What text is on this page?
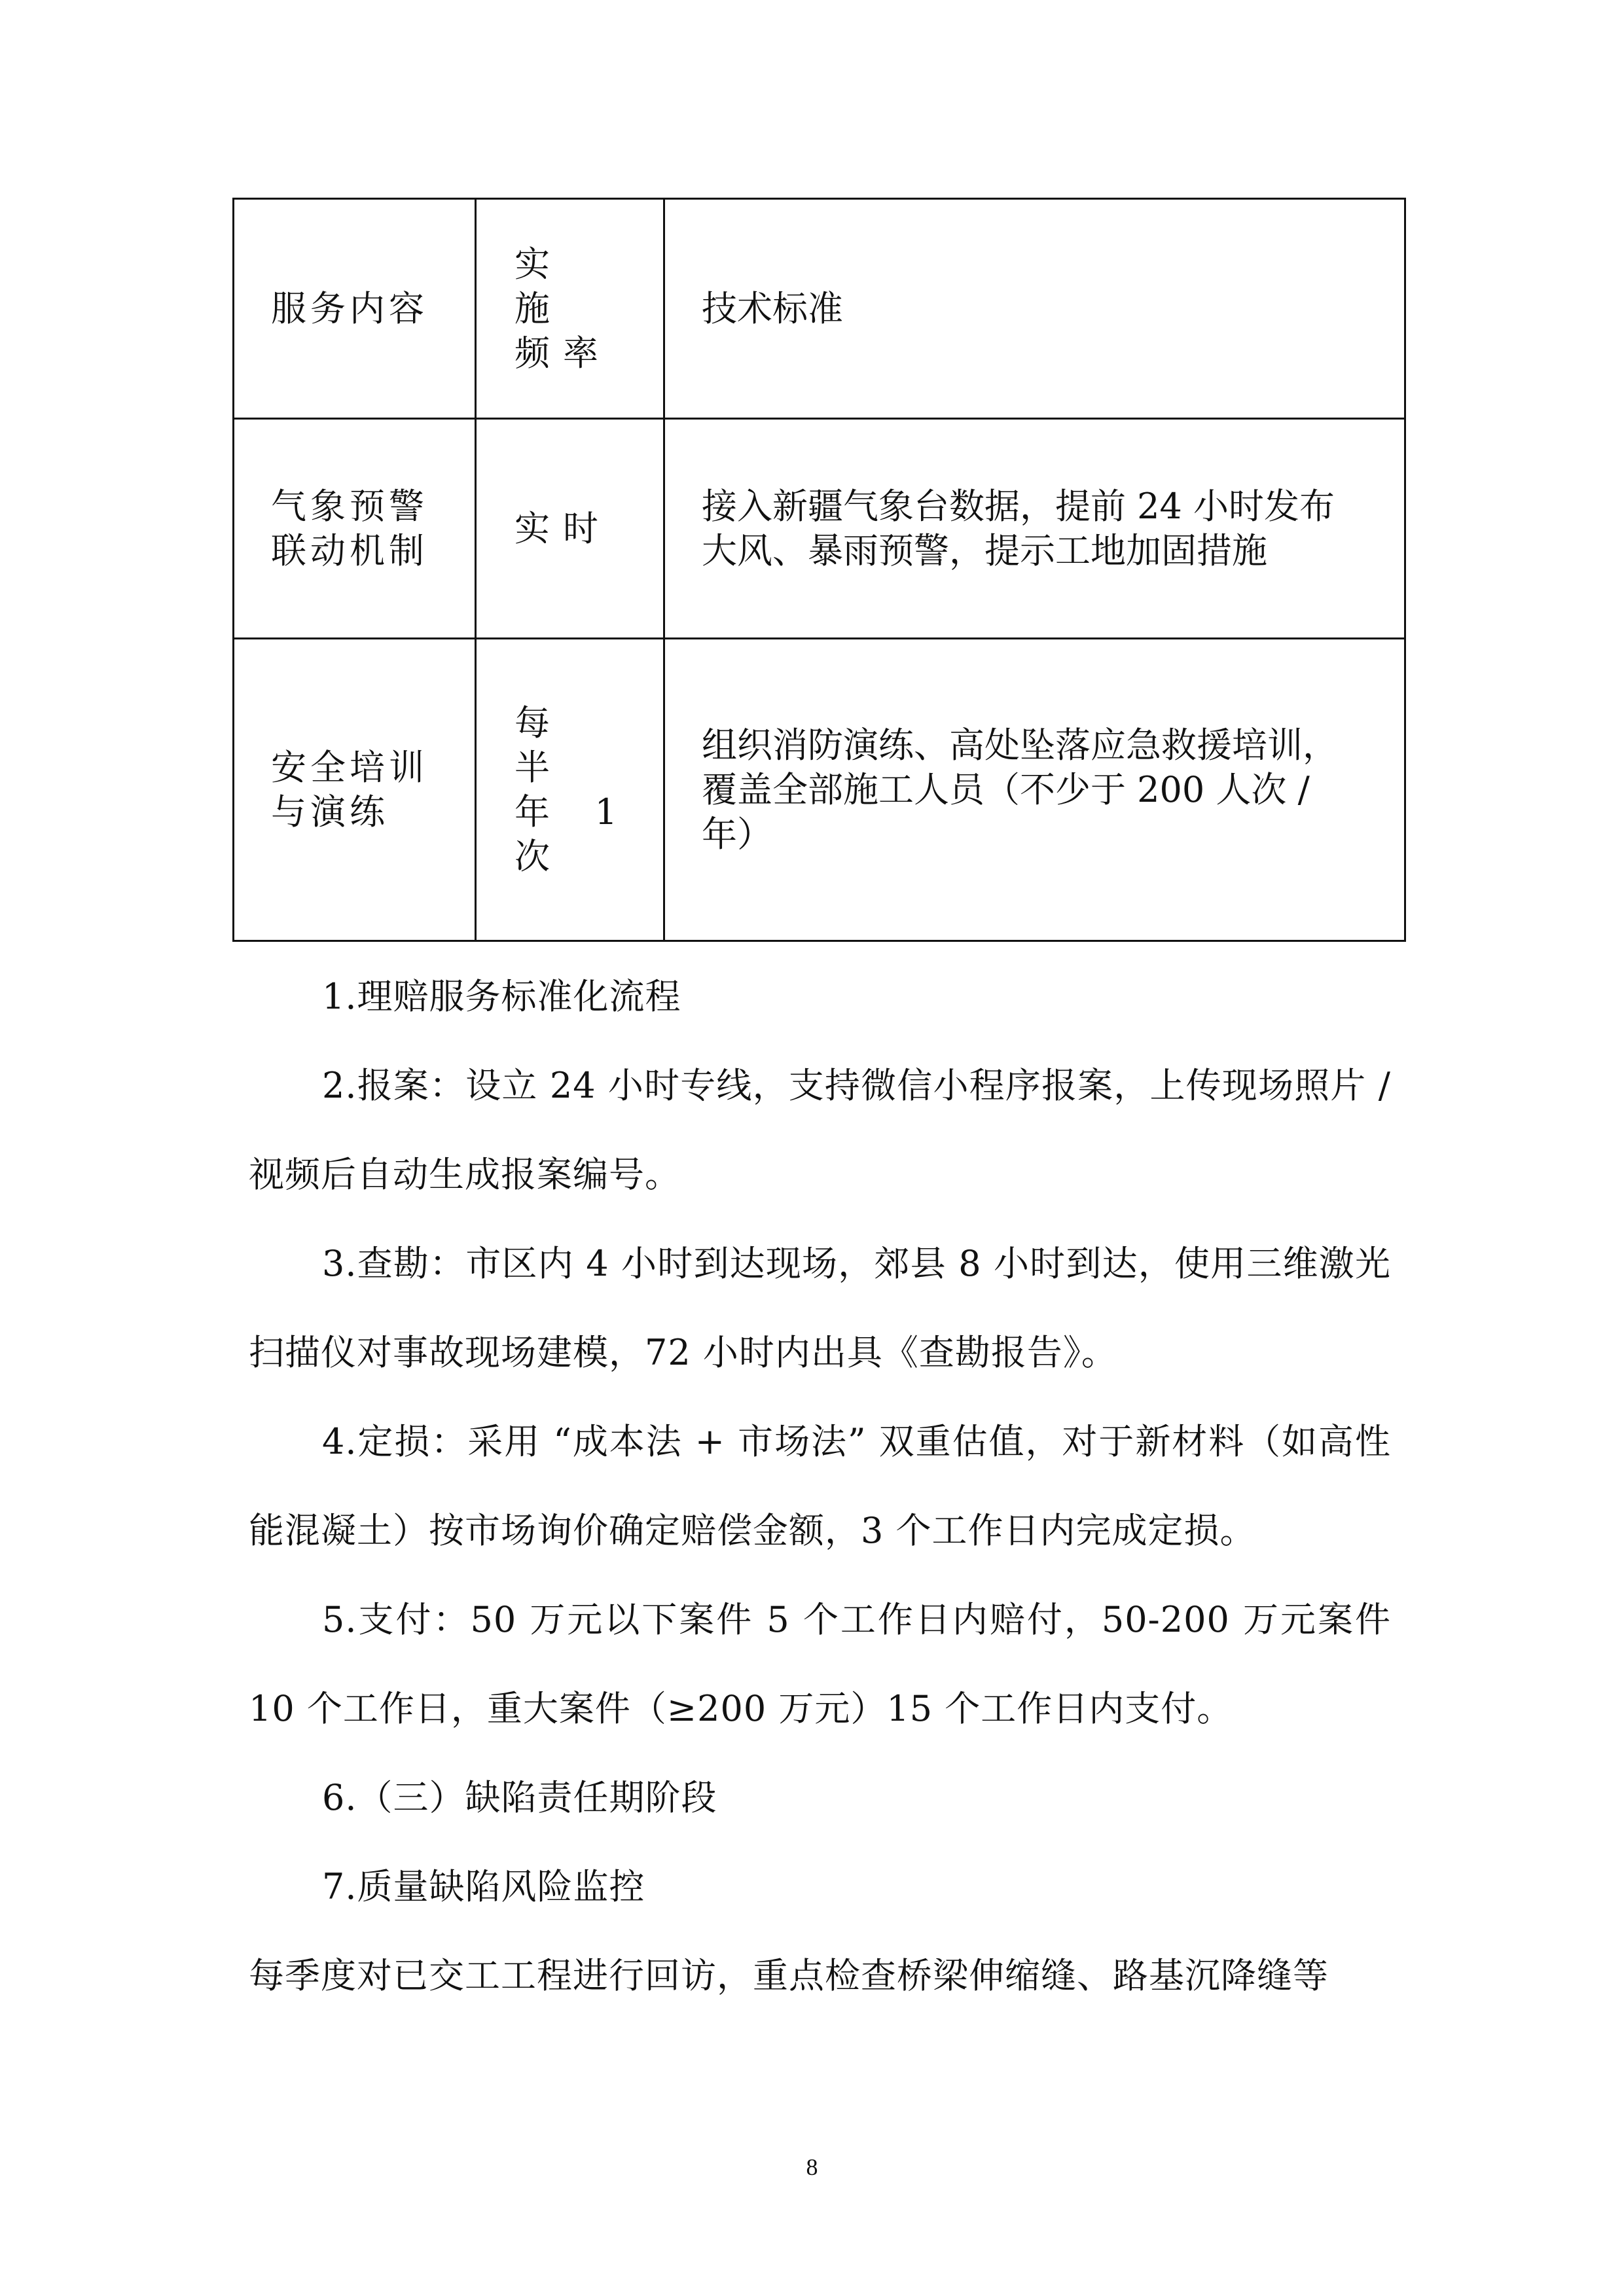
服务内容	实 施 频率	技术标准
气象预警联动机制	实时	接入新疆气象台数据，提前 24 小时发布大风、暴雨预警，提示工地加固措施
安全培训与演练	每 半 年 1 次	组织消防演练、高处坠落应急救援培训，覆盖全部施工人员（不少于 200 人次 / 年）

1.理赔服务标准化流程

2.报案：设立 24 小时专线，支持微信小程序报案，上传现场照片 / 视频后自动生成报案编号。

3.查勘：市区内 4 小时到达现场，郊县 8 小时到达，使用三维激光扫描仪对事故现场建模，72 小时内出具《查勘报告》。

4.定损：采用 “成本法 + 市场法” 双重估值，对于新材料（如高性能混凝土）按市场询价确定赔偿金额，3 个工作日内完成定损。

5.支付：50 万元以下案件 5 个工作日内赔付，50-200 万元案件 10 个工作日，重大案件（≥200 万元）15 个工作日内支付。

6.（三）缺陷责任期阶段

7.质量缺陷风险监控

每季度对已交工工程进行回访，重点检查桥梁伸缩缝、路基沉降缝等

8
